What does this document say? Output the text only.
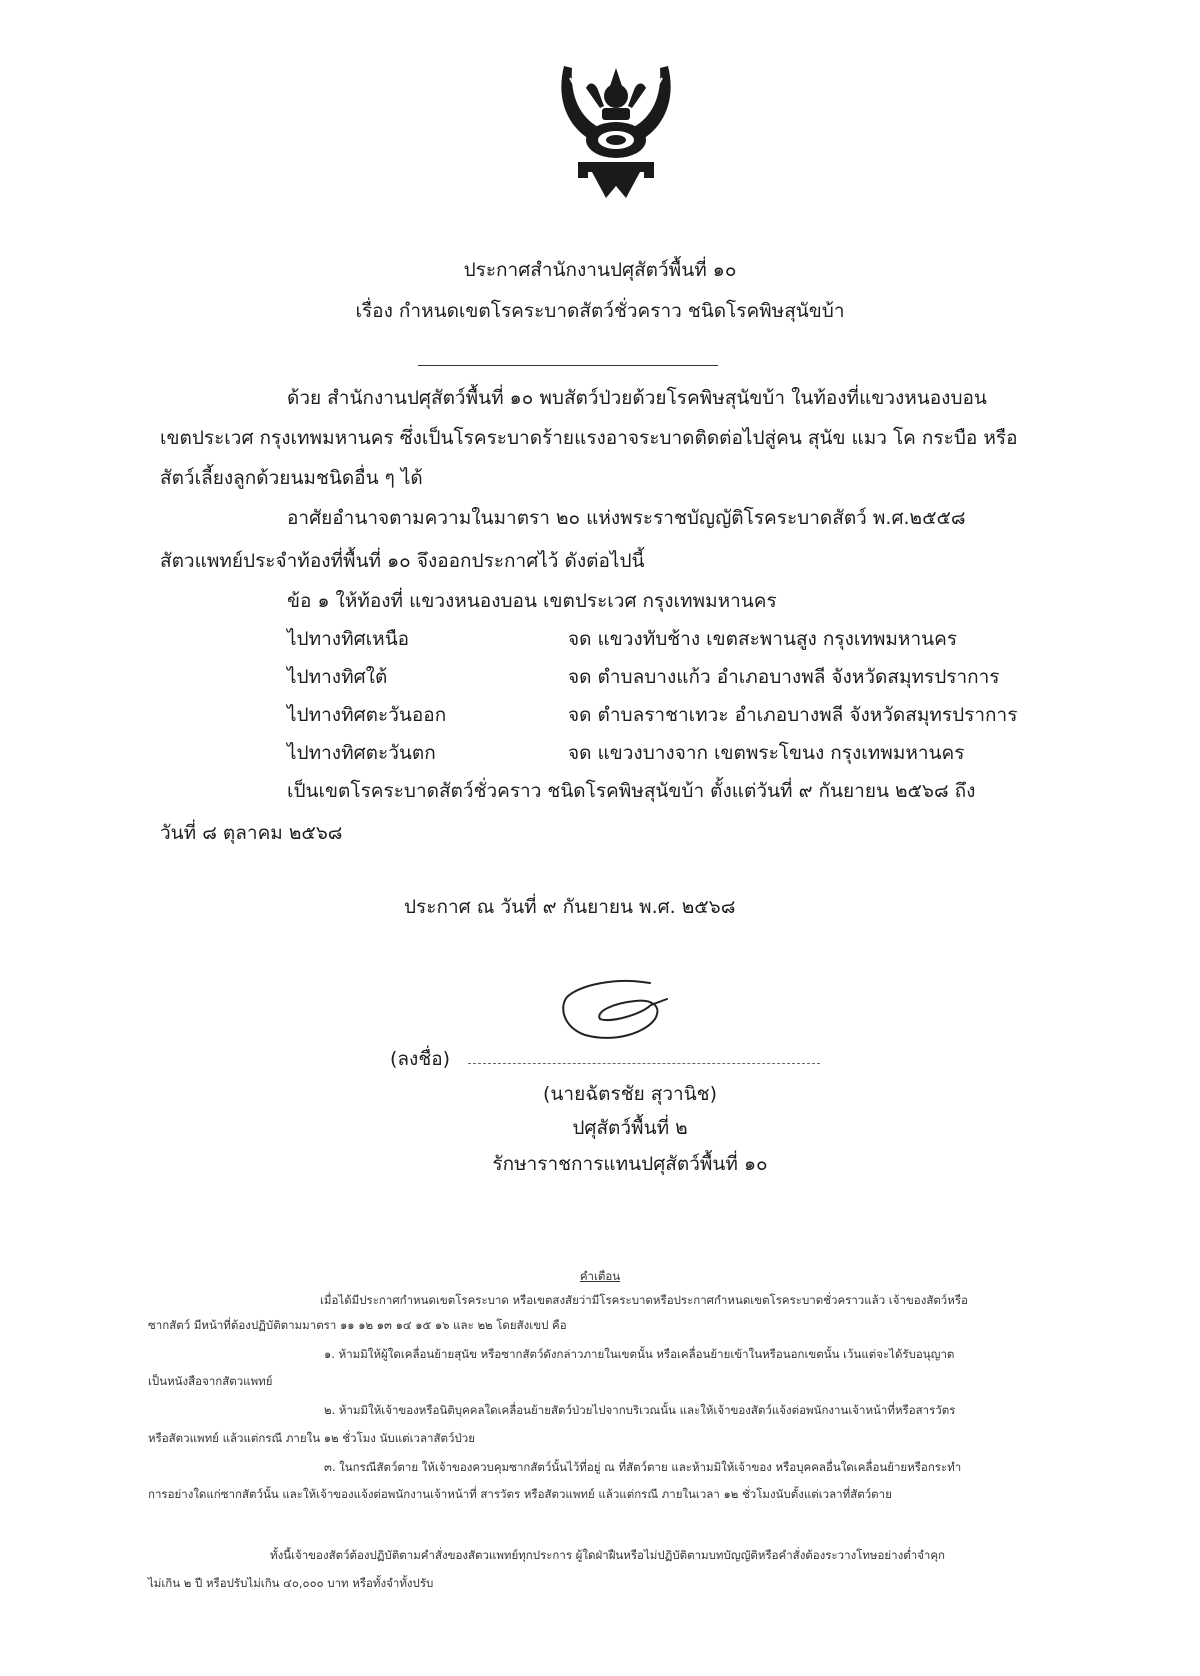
ประกาศสำนักงานปศุสัตว์พื้นที่ ๑๐
เรื่อง กำหนดเขตโรคระบาดสัตว์ชั่วคราว ชนิดโรคพิษสุนัขบ้า
ด้วย สำนักงานปศุสัตว์พื้นที่ ๑๐ พบสัตว์ป่วยด้วยโรคพิษสุนัขบ้า ในท้องที่แขวงหนองบอน
เขตประเวศ กรุงเทพมหานคร ซึ่งเป็นโรคระบาดร้ายแรงอาจระบาดติดต่อไปสู่คน สุนัข แมว โค กระบือ หรือ
สัตว์เลี้ยงลูกด้วยนมชนิดอื่น ๆ ได้
อาศัยอำนาจตามความในมาตรา ๒๐ แห่งพระราชบัญญัติโรคระบาดสัตว์ พ.ศ.๒๕๕๘
สัตวแพทย์ประจำท้องที่พื้นที่ ๑๐ จึงออกประกาศไว้ ดังต่อไปนี้
ข้อ ๑ ให้ท้องที่ แขวงหนองบอน เขตประเวศ กรุงเทพมหานคร
ไปทางทิศเหนือ	จด แขวงทับช้าง เขตสะพานสูง กรุงเทพมหานคร
ไปทางทิศใต้	จด ตำบลบางแก้ว อำเภอบางพลี จังหวัดสมุทรปราการ
ไปทางทิศตะวันออก	จด ตำบลราชาเทวะ อำเภอบางพลี จังหวัดสมุทรปราการ
ไปทางทิศตะวันตก	จด แขวงบางจาก เขตพระโขนง กรุงเทพมหานคร
เป็นเขตโรคระบาดสัตว์ชั่วคราว ชนิดโรคพิษสุนัขบ้า ตั้งแต่วันที่ ๙ กันยายน ๒๕๖๘ ถึง
วันที่ ๘ ตุลาคม ๒๕๖๘
ประกาศ ณ วันที่ ๙ กันยายน พ.ศ. ๒๕๖๘
(ลงชื่อ)
(นายฉัตรชัย สุวานิช)
ปศุสัตว์พื้นที่ ๒
รักษาราชการแทนปศุสัตว์พื้นที่ ๑๐
คำเตือน
เมื่อได้มีประกาศกำหนดเขตโรคระบาด หรือเขตสงสัยว่ามีโรคระบาดหรือประกาศกำหนดเขตโรคระบาดชั่วคราวแล้ว เจ้าของสัตว์หรือ
ซากสัตว์ มีหน้าที่ต้องปฏิบัติตามมาตรา ๑๑ ๑๒ ๑๓ ๑๔ ๑๕ ๑๖ และ ๒๒ โดยสังเขป คือ
๑. ห้ามมิให้ผู้ใดเคลื่อนย้ายสุนัข หรือซากสัตว์ดังกล่าวภายในเขตนั้น หรือเคลื่อนย้ายเข้าในหรือนอกเขตนั้น เว้นแต่จะได้รับอนุญาต
เป็นหนังสือจากสัตวแพทย์
๒. ห้ามมิให้เจ้าของหรือนิติบุคคลใดเคลื่อนย้ายสัตว์ป่วยไปจากบริเวณนั้น และให้เจ้าของสัตว์แจ้งต่อพนักงานเจ้าหน้าที่หรือสารวัตร
หรือสัตวแพทย์ แล้วแต่กรณี ภายใน ๑๒ ชั่วโมง นับแต่เวลาสัตว์ป่วย
๓. ในกรณีสัตว์ตาย ให้เจ้าของควบคุมซากสัตว์นั้นไว้ที่อยู่ ณ ที่สัตว์ตาย และห้ามมิให้เจ้าของ หรือบุคคลอื่นใดเคลื่อนย้ายหรือกระทำ
การอย่างใดแก่ซากสัตว์นั้น และให้เจ้าของแจ้งต่อพนักงานเจ้าหน้าที่ สารวัตร หรือสัตวแพทย์ แล้วแต่กรณี ภายในเวลา ๑๒ ชั่วโมงนับตั้งแต่เวลาที่สัตว์ตาย
ทั้งนี้เจ้าของสัตว์ต้องปฏิบัติตามคำสั่งของสัตวแพทย์ทุกประการ ผู้ใดฝ่าฝืนหรือไม่ปฏิบัติตามบทบัญญัติหรือคำสั่งต้องระวางโทษอย่างต่ำจำคุก
ไม่เกิน ๒ ปี หรือปรับไม่เกิน ๔๐,๐๐๐ บาท หรือทั้งจำทั้งปรับ
